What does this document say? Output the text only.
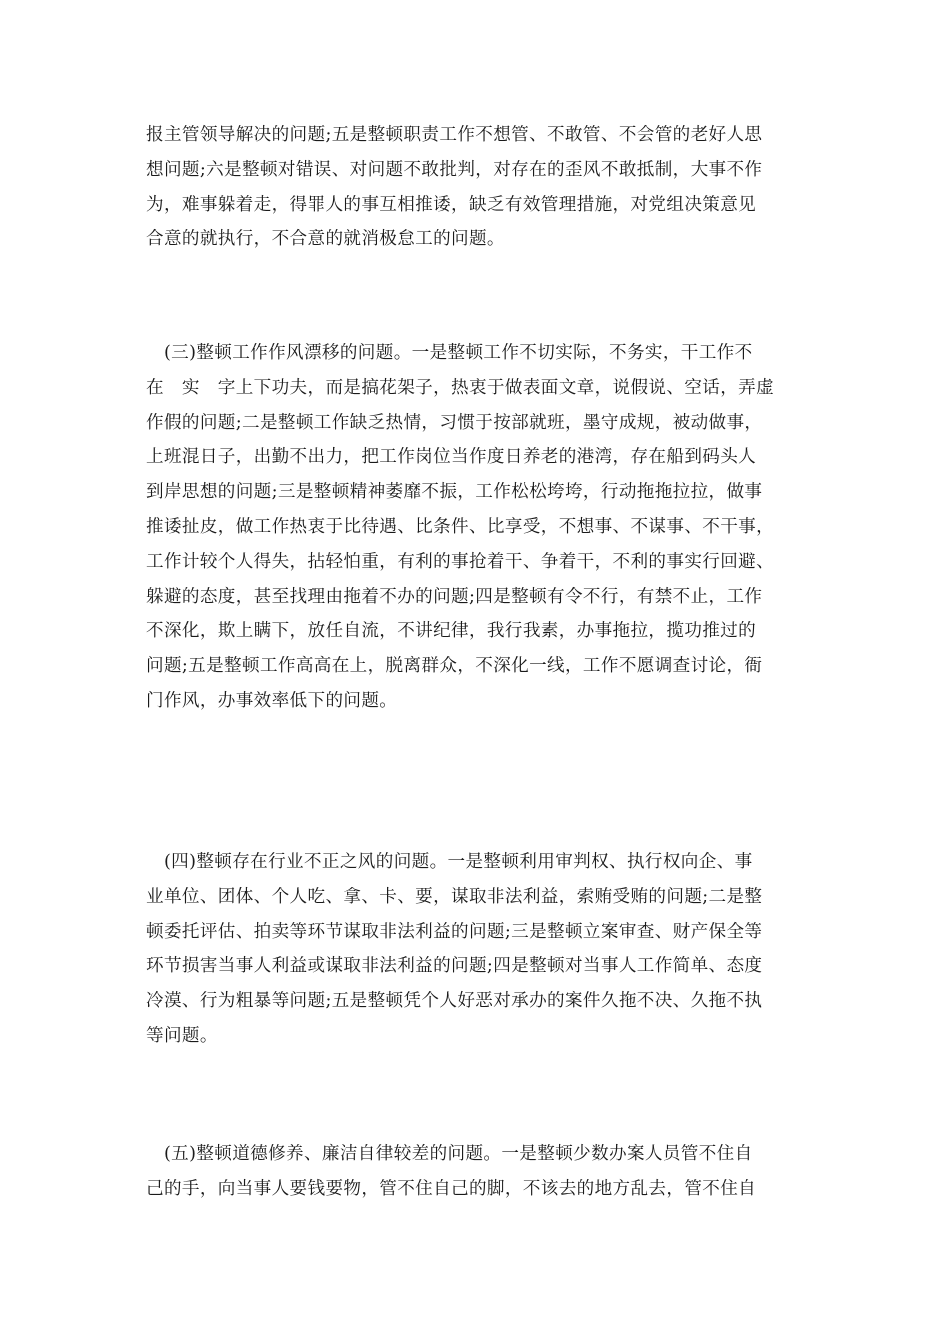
报主管领导解决的问题;五是整顿职责工作不想管、不敢管、不会管的老好人思
想问题;六是整顿对错误、对问题不敢批判，对存在的歪风不敢抵制，大事不作
为，难事躲着走，得罪人的事互相推诿，缺乏有效管理措施，对党组决策意见
合意的就执行，不合意的就消极怠工的问题。
　(三)整顿工作作风漂移的问题。一是整顿工作不切实际，不务实，干工作不
在　实　字上下功夫，而是搞花架子，热衷于做表面文章，说假说、空话，弄虚
作假的问题;二是整顿工作缺乏热情，习惯于按部就班，墨守成规，被动做事，
上班混日子，出勤不出力，把工作岗位当作度日养老的港湾，存在船到码头人
到岸思想的问题;三是整顿精神萎靡不振，工作松松垮垮，行动拖拖拉拉，做事
推诿扯皮，做工作热衷于比待遇、比条件、比享受，不想事、不谋事、不干事，
工作计较个人得失，拈轻怕重，有利的事抢着干、争着干，不利的事实行回避、
躲避的态度，甚至找理由拖着不办的问题;四是整顿有令不行，有禁不止，工作
不深化，欺上瞒下，放任自流，不讲纪律，我行我素，办事拖拉，揽功推过的
问题;五是整顿工作高高在上，脱离群众，不深化一线，工作不愿调查讨论，衙
门作风，办事效率低下的问题。
　(四)整顿存在行业不正之风的问题。一是整顿利用审判权、执行权向企、事
业单位、团体、个人吃、拿、卡、要，谋取非法利益，索贿受贿的问题;二是整
顿委托评估、拍卖等环节谋取非法利益的问题;三是整顿立案审查、财产保全等
环节损害当事人利益或谋取非法利益的问题;四是整顿对当事人工作简单、态度
冷漠、行为粗暴等问题;五是整顿凭个人好恶对承办的案件久拖不决、久拖不执
等问题。
　(五)整顿道德修养、廉洁自律较差的问题。一是整顿少数办案人员管不住自
己的手，向当事人要钱要物，管不住自己的脚，不该去的地方乱去，管不住自
